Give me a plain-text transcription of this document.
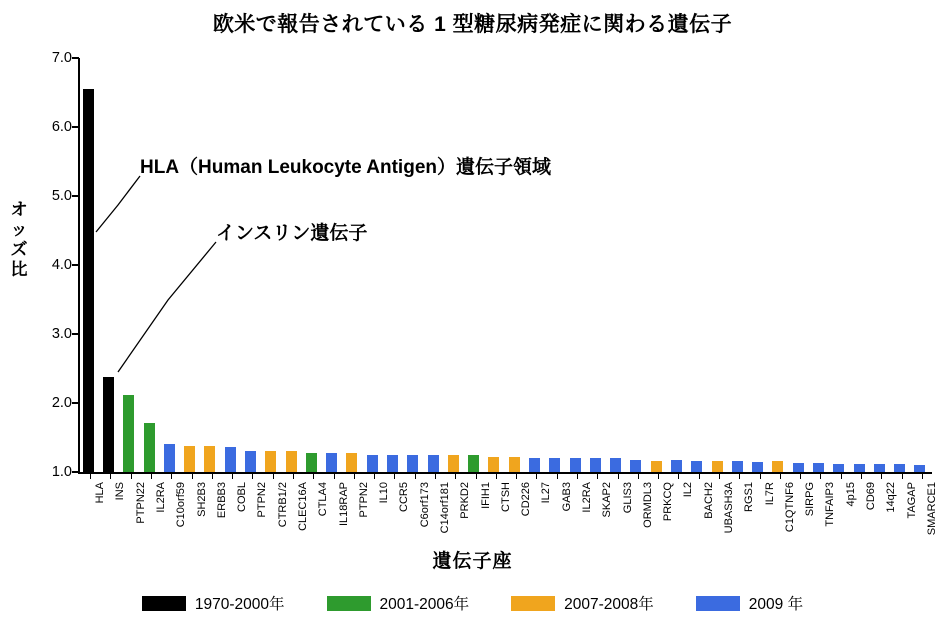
欧米で報告されている 1 型糖尿病発症に関わる遺伝子
オッズ比
遺伝子座
1.0
2.0
3.0
4.0
5.0
6.0
7.0
HLA INS PTPN22 IL2RA C10orf59 SH2B3 ERBB3 COBL PTPN2 CTRB1/2 CLEC16A CTLA4 IL18RAP PTPN2 IL10 CCR5 C6orf173 C14orf181 PRKD2 IFIH1 CTSH CD226 IL27 GAB3 IL2RA SKAP2 GLIS3 ORMDL3 PRKCQ IL2 BACH2 UBASH3A RGS1 IL7R C1QTNF6 SIRPG TNFAIP3 4p15 CD69 14q22 TAGAP SMARCE1
HLA（Human Leukocyte Antigen）遺伝子領域
インスリン遺伝子
1970-2000年	2001-2006年	2007-2008年	2009 年
